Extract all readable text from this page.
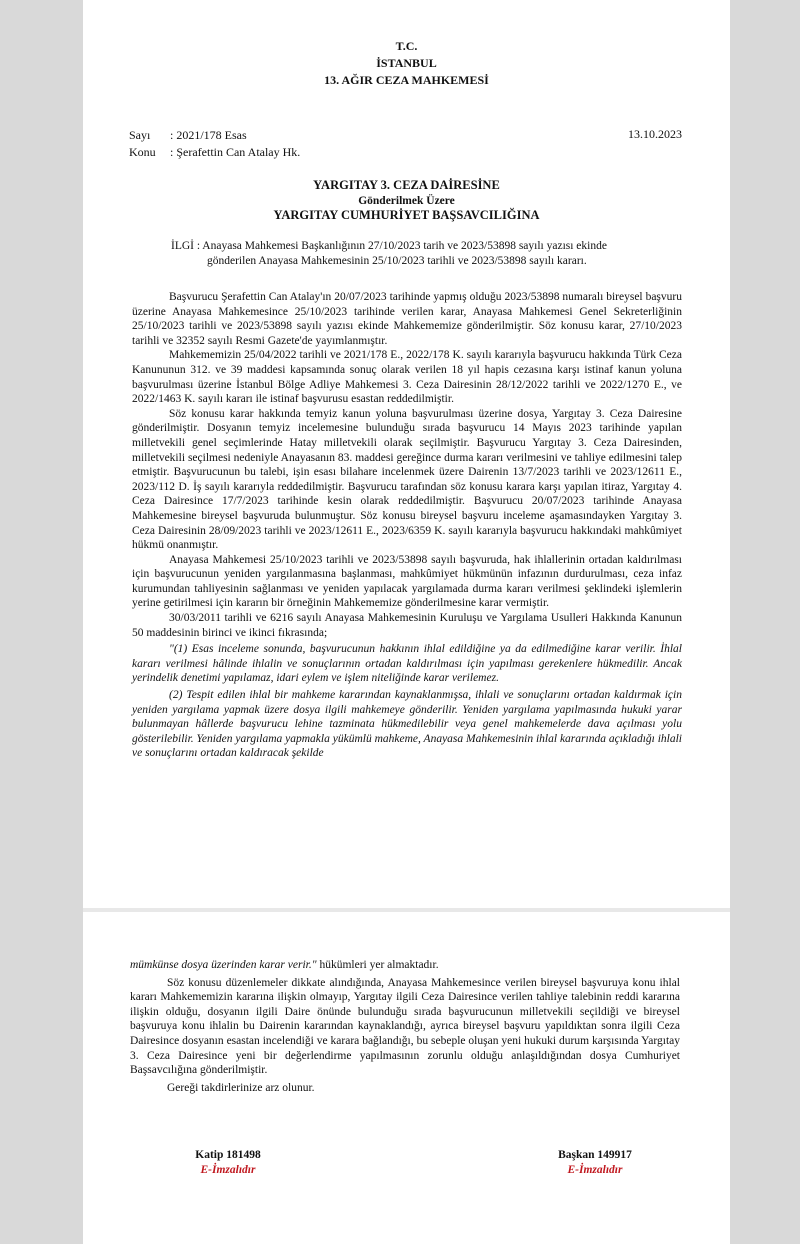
T.C.
İSTANBUL
13. AĞIR CEZA MAHKEMESİ
Sayı : 2021/178 Esas
Konu : Şerafettin Can Atalay Hk.
13.10.2023
YARGITAY 3. CEZA DAİRESİNE
Gönderilmek Üzere
YARGITAY CUMHURİYET BAŞSAVCILIĞINA
İLGİ : Anayasa Mahkemesi Başkanlığının 27/10/2023 tarih ve 2023/53898 sayılı yazısı ekinde
gönderilen Anayasa Mahkemesinin 25/10/2023 tarihli ve 2023/53898 sayılı kararı.

Başvurucu Şerafettin Can Atalay'ın 20/07/2023 tarihinde yapmış olduğu 2023/53898 numaralı bireysel başvuru üzerine Anayasa Mahkemesince 25/10/2023 tarihinde verilen karar, Anayasa Mahkemesi Genel Sekreterliğinin 25/10/2023 tarihli ve 2023/53898 sayılı yazısı ekinde Mahkememize gönderilmiştir. Söz konusu karar, 27/10/2023 tarihli ve 32352 sayılı Resmi Gazete'de yayımlanmıştır.

Mahkememizin 25/04/2022 tarihli ve 2021/178 E., 2022/178 K. sayılı kararıyla başvurucu hakkında Türk Ceza Kanununun 312. ve 39 maddesi kapsamında sonuç olarak verilen 18 yıl hapis cezasına karşı istinaf kanun yoluna başvurulması üzerine İstanbul Bölge Adliye Mahkemesi 3. Ceza Dairesinin 28/12/2022 tarihli ve 2022/1270 E., ve 2022/1463 K. sayılı kararı ile istinaf başvurusu esastan reddedilmiştir.

Söz konusu karar hakkında temyiz kanun yoluna başvurulması üzerine dosya, Yargıtay 3. Ceza Dairesine gönderilmiştir. Dosyanın temyiz incelemesine bulunduğu sırada başvurucu 14 Mayıs 2023 tarihinde yapılan milletvekili genel seçimlerinde Hatay milletvekili olarak seçilmiştir. Başvurucu Yargıtay 3. Ceza Dairesinden, milletvekili seçilmesi nedeniyle Anayasanın 83. maddesi gereğince durma kararı verilmesini ve tahliye edilmesini talep etmiştir. Başvurucunun bu talebi, işin esası bilahare incelenmek üzere Dairenin 13/7/2023 tarihli ve 2023/12611 E., 2023/112 D. İş sayılı kararıyla reddedilmiştir. Başvurucu tarafından söz konusu karara karşı yapılan itiraz, Yargıtay 4. Ceza Dairesince 17/7/2023 tarihinde kesin olarak reddedilmiştir. Başvurucu 20/07/2023 tarihinde Anayasa Mahkemesine bireysel başvuruda bulunmuştur. Söz konusu bireysel başvuru inceleme aşamasındayken Yargıtay 3. Ceza Dairesinin 28/09/2023 tarihli ve 2023/12611 E., 2023/6359 K. sayılı kararıyla başvurucu hakkındaki mahkûmiyet hükmü onanmıştır.

Anayasa Mahkemesi 25/10/2023 tarihli ve 2023/53898 sayılı başvuruda, hak ihlallerinin ortadan kaldırılması için başvurucunun yeniden yargılanmasına başlanması, mahkûmiyet hükmünün infazının durdurulması, ceza infaz kurumundan tahliyesinin sağlanması ve yeniden yapılacak yargılamada durma kararı verilmesi şeklindeki işlemlerin yerine getirilmesi için kararın bir örneğinin Mahkememize gönderilmesine karar vermiştir.

30/03/2011 tarihli ve 6216 sayılı Anayasa Mahkemesinin Kuruluşu ve Yargılama Usulleri Hakkında Kanunun 50 maddesinin birinci ve ikinci fıkrasında;

"(1) Esas inceleme sonunda, başvurucunun hakkının ihlal edildiğine ya da edilmediğine karar verilir. İhlal kararı verilmesi hâlinde ihlalin ve sonuçlarının ortadan kaldırılması için yapılması gerekenlere hükmedilir. Ancak yerindelik denetimi yapılamaz, idari eylem ve işlem niteliğinde karar verilemez.

(2) Tespit edilen ihlal bir mahkeme kararından kaynaklanmışsa, ihlali ve sonuçlarını ortadan kaldırmak için yeniden yargılama yapmak üzere dosya ilgili mahkemeye gönderilir. Yeniden yargılama yapılmasında hukuki yarar bulunmayan hâllerde başvurucu lehine tazminata hükmedilebilir veya genel mahkemelerde dava açılması yolu gösterilebilir. Yeniden yargılama yapmakla yükümlü mahkeme, Anayasa Mahkemesinin ihlal kararında açıkladığı ihlali ve sonuçlarını ortadan kaldıracak şekilde

mümkünse dosya üzerinden karar verir." hükümleri yer almaktadır.

Söz konusu düzenlemeler dikkate alındığında, Anayasa Mahkemesince verilen bireysel başvuruya konu ihlal kararı Mahkememizin kararına ilişkin olmayıp, Yargıtay ilgili Ceza Dairesince verilen tahliye talebinin reddi kararına ilişkin olduğu, dosyanın ilgili Daire önünde bulunduğu sırada başvurucunun milletvekili seçildiği ve bireysel başvuruya konu ihlalin bu Dairenin kararından kaynaklandığı, ayrıca bireysel başvuru yapıldıktan sonra ilgili Ceza Dairesince dosyanın esastan incelendiği ve karara bağlandığı, bu sebeple oluşan yeni hukuki durum karşısında Yargıtay 3. Ceza Dairesince yeni bir değerlendirme yapılmasının zorunlu olduğu anlaşıldığından dosya Cumhuriyet Başsavcılığına gönderilmiştir.

Gereği takdirlerinize arz olunur.

Katip 181498
E-İmzalıdır
Başkan 149917
E-İmzalıdır
